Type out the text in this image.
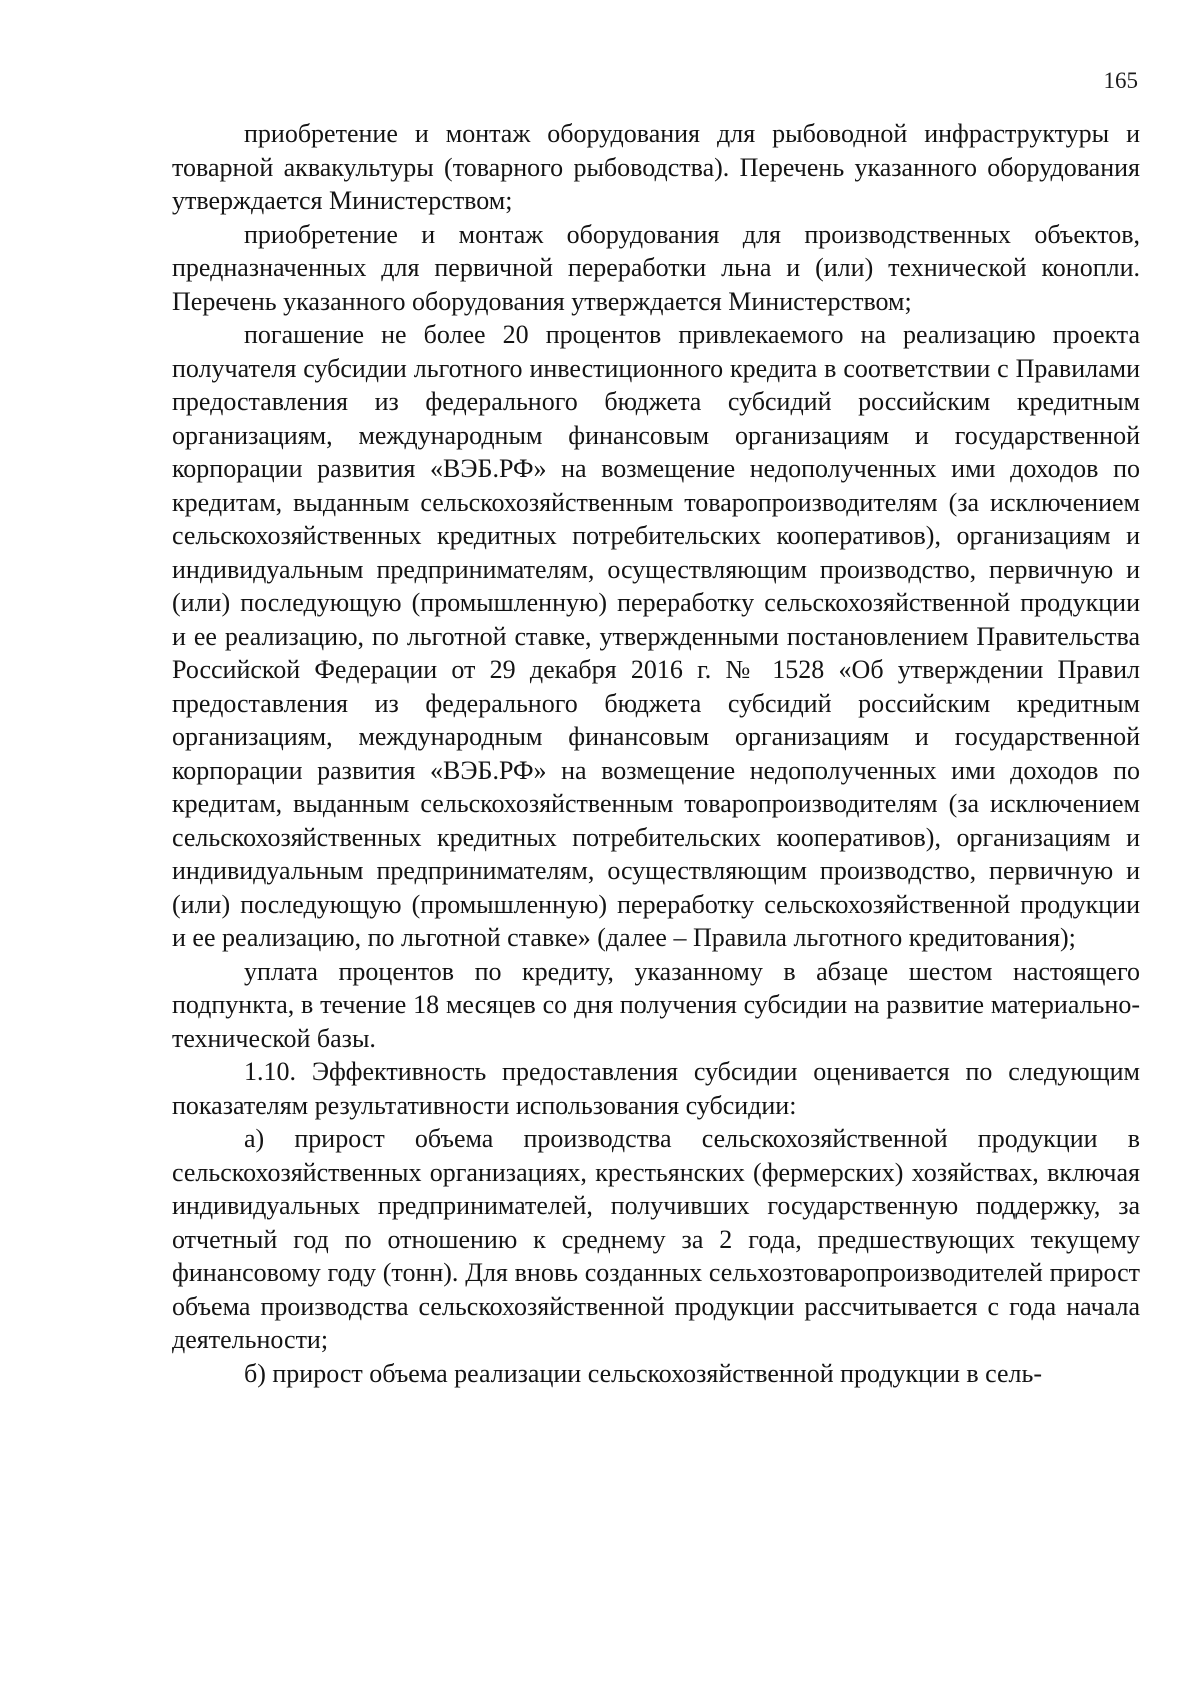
165

приобретение и монтаж оборудования для рыбоводной инфраструктуры и товарной аквакультуры (товарного рыбоводства). Перечень указанного оборудования утверждается Министерством;

приобретение и монтаж оборудования для производственных объектов, предназначенных для первичной переработки льна и (или) технической конопли. Перечень указанного оборудования утверждается Министерством;

погашение не более 20 процентов привлекаемого на реализацию проекта получателя субсидии льготного инвестиционного кредита в соответствии с Правилами предоставления из федерального бюджета субсидий российским кредитным организациям, международным финансовым организациям и государственной корпорации развития «ВЭБ.РФ» на возмещение недополученных ими доходов по кредитам, выданным сельскохозяйственным товаропроизводителям (за исключением сельскохозяйственных кредитных потребительских кооперативов), организациям и индивидуальным предпринимателям, осуществляющим производство, первичную и (или) последующую (промышленную) переработку сельскохозяйственной продукции и ее реализацию, по льготной ставке, утвержденными постановлением Правительства Российской Федерации от 29 декабря 2016 г. № 1528 «Об утверждении Правил предоставления из федерального бюджета субсидий российским кредитным организациям, международным финансовым организациям и государственной корпорации развития «ВЭБ.РФ» на возмещение недополученных ими доходов по кредитам, выданным сельскохозяйственным товаропроизводителям (за исключением сельскохозяйственных кредитных потребительских кооперативов), организациям и индивидуальным предпринимателям, осуществляющим производство, первичную и (или) последующую (промышленную) переработку сельскохозяйственной продукции и ее реализацию, по льготной ставке» (далее – Правила льготного кредитования);

уплата процентов по кредиту, указанному в абзаце шестом настоящего подпункта, в течение 18 месяцев со дня получения субсидии на развитие материально-технической базы.

1.10. Эффективность предоставления субсидии оценивается по следующим показателям результативности использования субсидии:

а) прирост объема производства сельскохозяйственной продукции в сельскохозяйственных организациях, крестьянских (фермерских) хозяйствах, включая индивидуальных предпринимателей, получивших государственную поддержку, за отчетный год по отношению к среднему за 2 года, предшествующих текущему финансовому году (тонн). Для вновь созданных сельхозтоваропроизводителей прирост объема производства сельскохозяйственной продукции рассчитывается с года начала деятельности;

б) прирост объема реализации сельскохозяйственной продукции в сель-
